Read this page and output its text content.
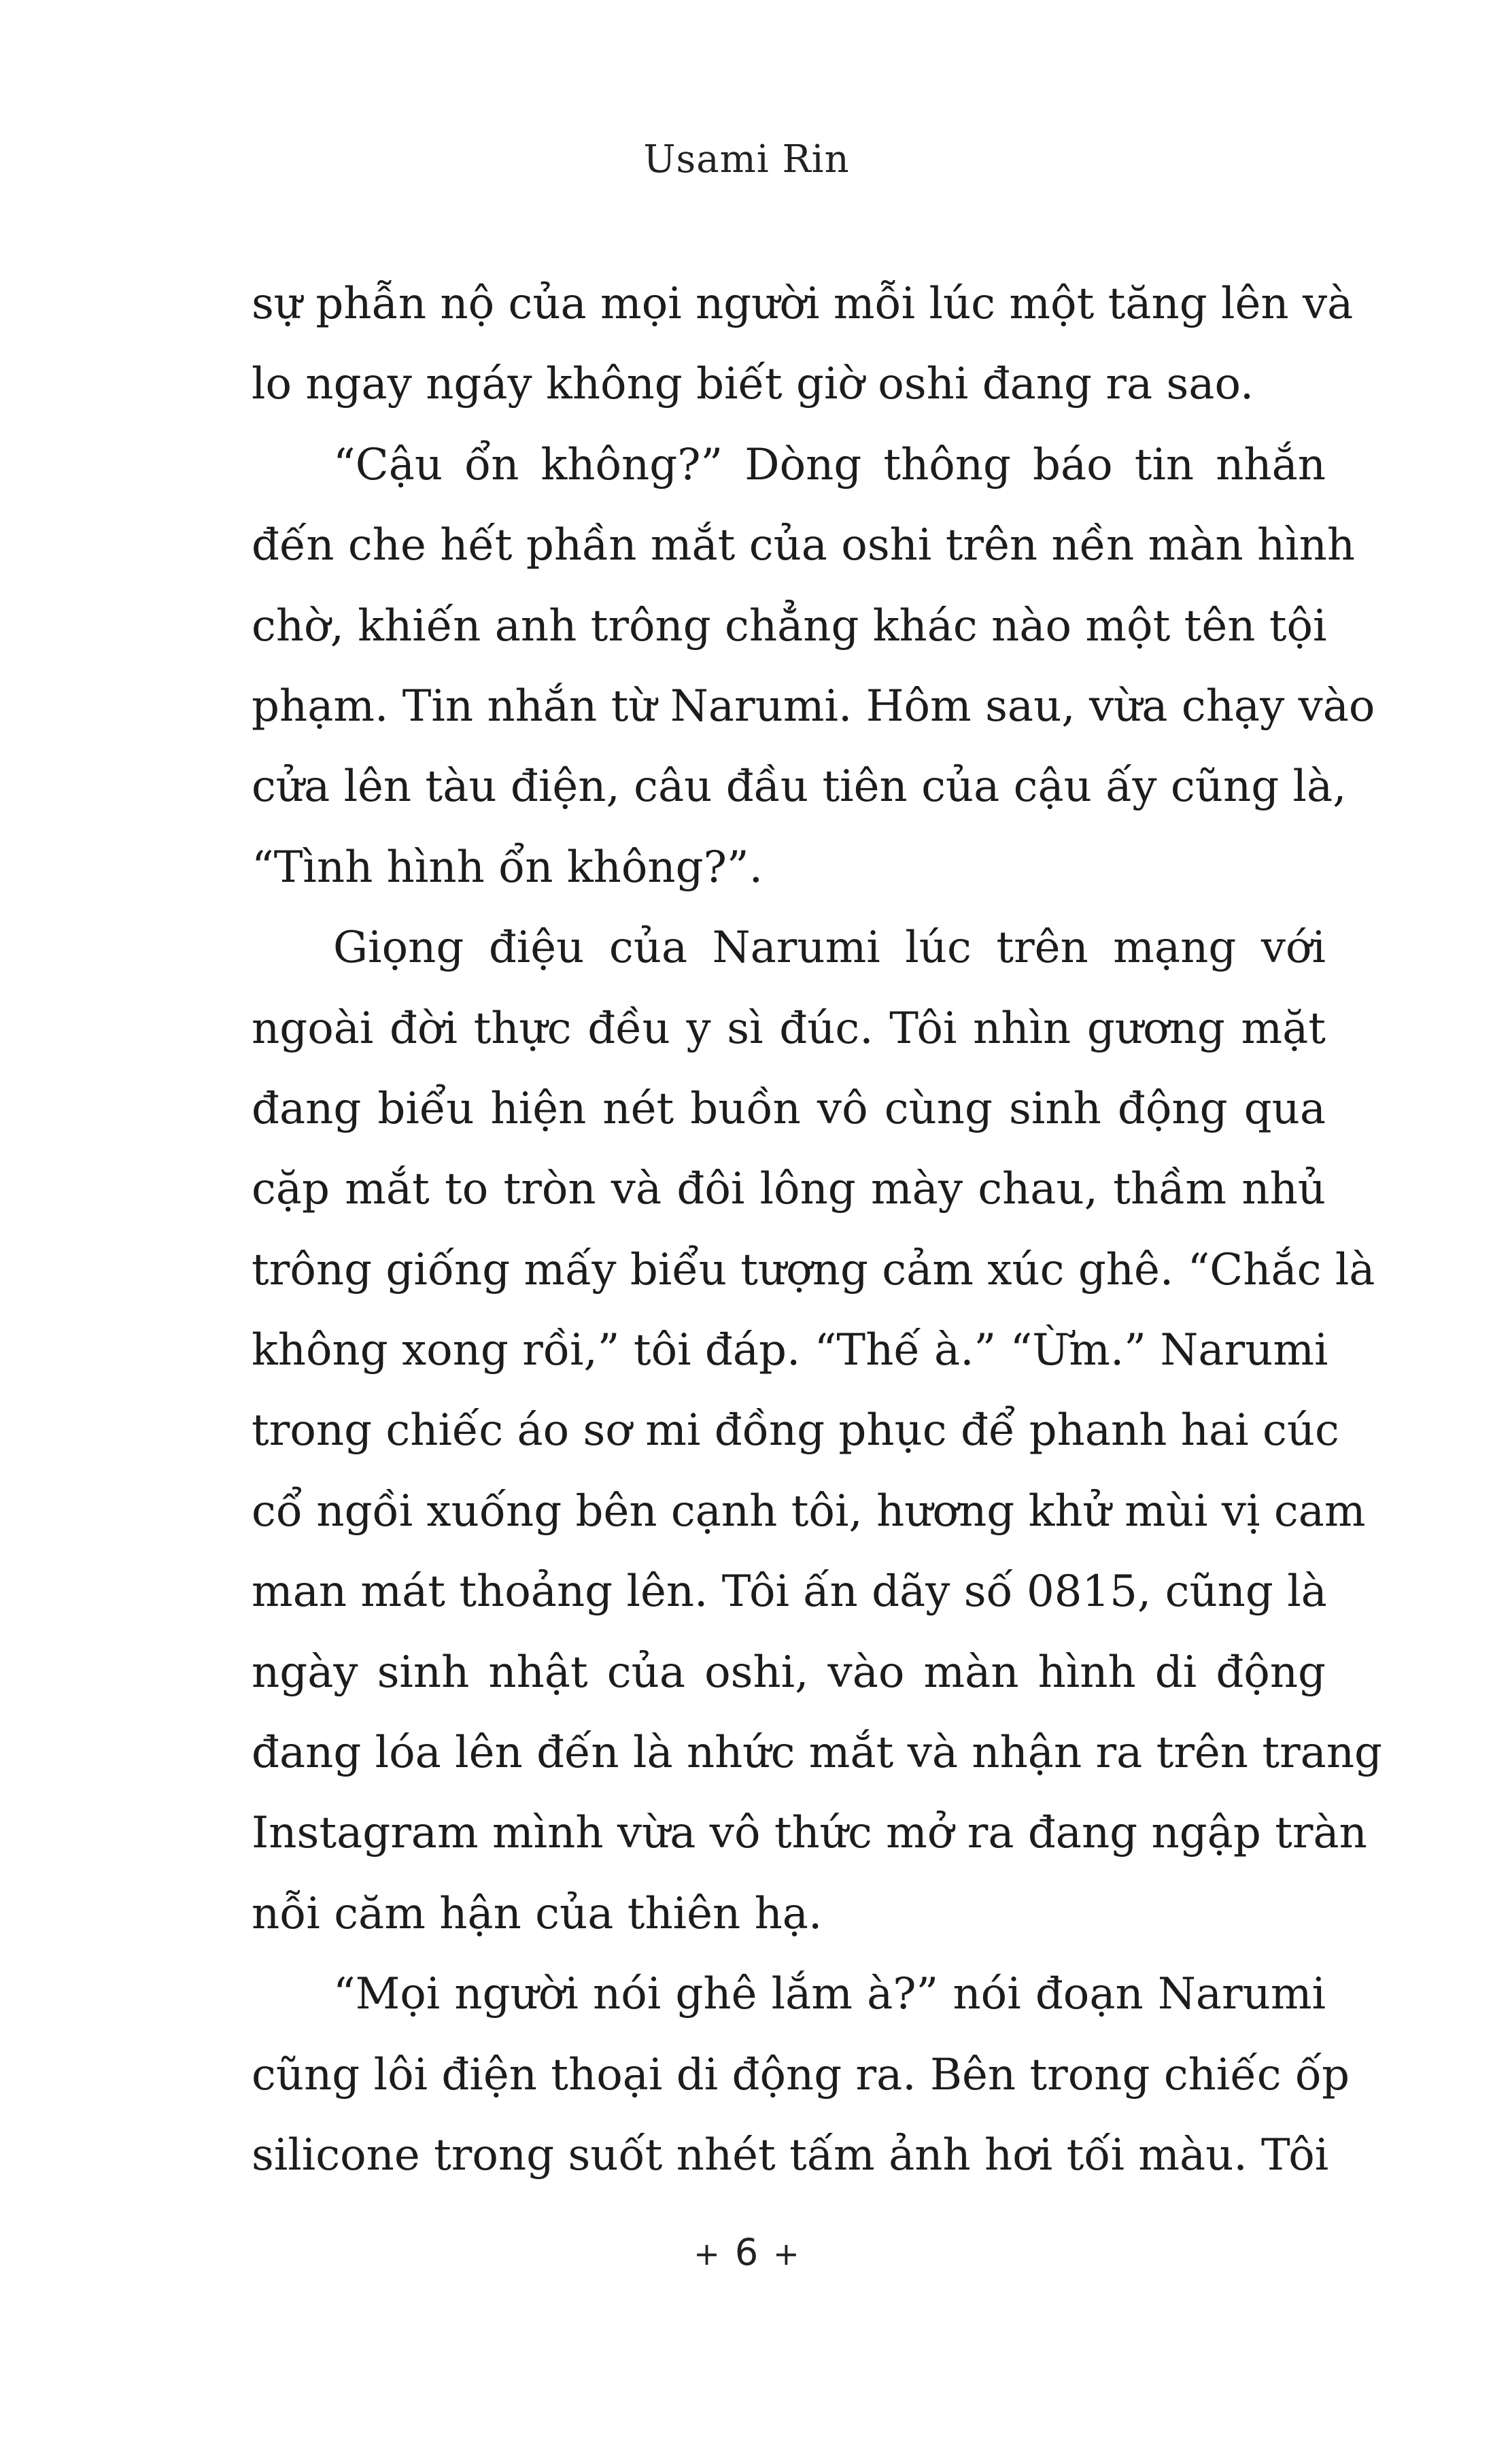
Usami Rin

sự phẫn nộ của mọi người mỗi lúc một tăng lên và
lo ngay ngáy không biết giờ oshi đang ra sao.

“Cậu ổn không?” Dòng thông báo tin nhắn
đến che hết phần mắt của oshi trên nền màn hình
chờ, khiến anh trông chẳng khác nào một tên tội
phạm. Tin nhắn từ Narumi. Hôm sau, vừa chạy vào
cửa lên tàu điện, câu đầu tiên của cậu ấy cũng là,
“Tình hình ổn không?”.

Giọng điệu của Narumi lúc trên mạng với
ngoài đời thực đều y sì đúc. Tôi nhìn gương mặt
đang biểu hiện nét buồn vô cùng sinh động qua
cặp mắt to tròn và đôi lông mày chau, thầm nhủ
trông giống mấy biểu tượng cảm xúc ghê. “Chắc là
không xong rồi,” tôi đáp. “Thế à.” “Ừm.” Narumi
trong chiếc áo sơ mi đồng phục để phanh hai cúc
cổ ngồi xuống bên cạnh tôi, hương khử mùi vị cam
man mát thoảng lên. Tôi ấn dãy số 0815, cũng là
ngày sinh nhật của oshi, vào màn hình di động
đang lóa lên đến là nhức mắt và nhận ra trên trang
Instagram mình vừa vô thức mở ra đang ngập tràn
nỗi căm hận của thiên hạ.

“Mọi người nói ghê lắm à?” nói đoạn Narumi
cũng lôi điện thoại di động ra. Bên trong chiếc ốp
silicone trong suốt nhét tấm ảnh hơi tối màu. Tôi

+ 6 +
